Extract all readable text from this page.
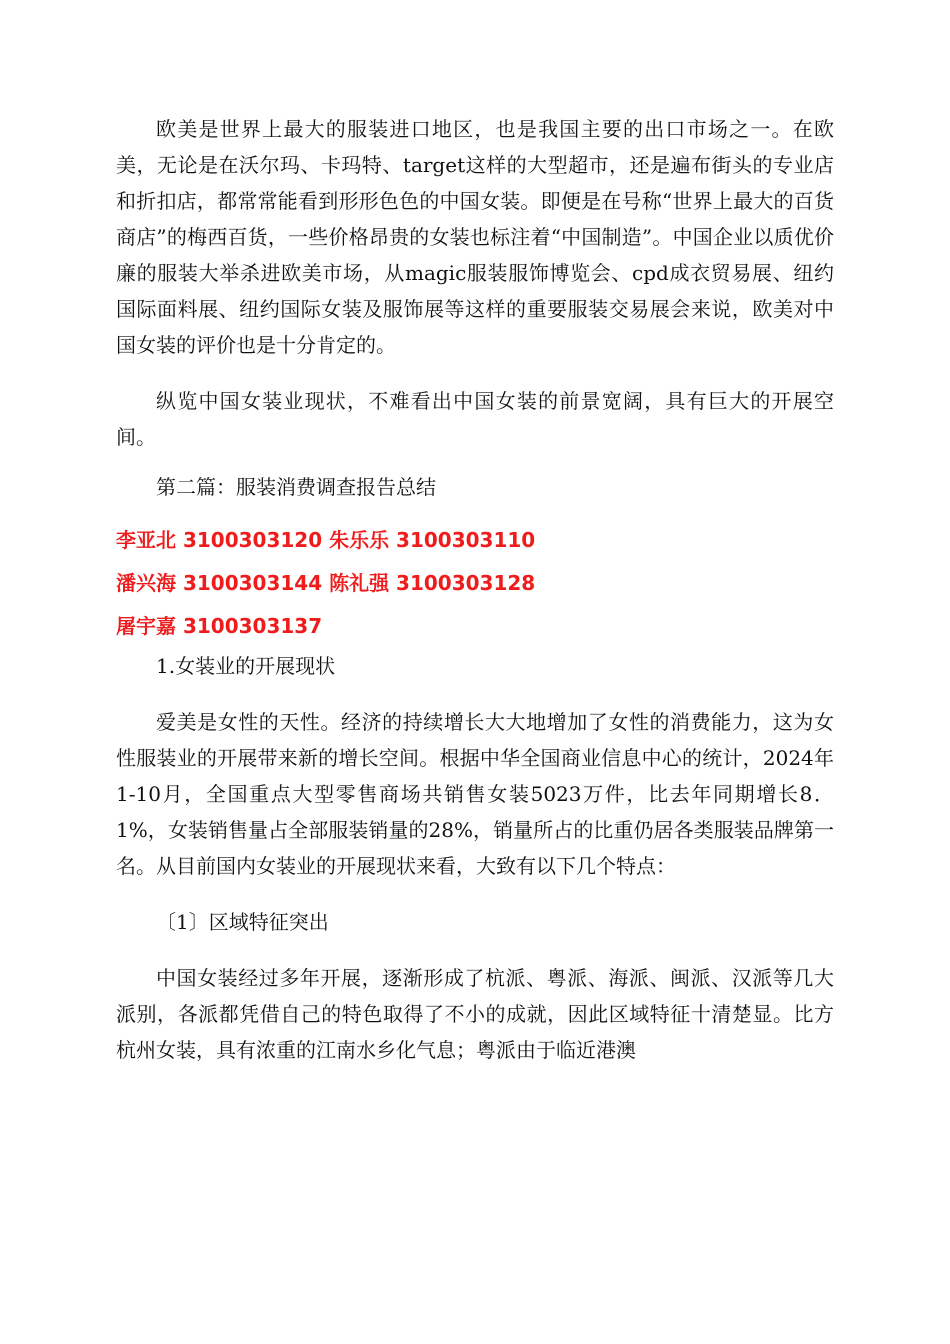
欧美是世界上最大的服装进口地区，也是我国主要的出口市场之一。在欧美，无论是在沃尔玛、卡玛特、target这样的大型超市，还是遍布街头的专业店和折扣店，都常常能看到形形色色的中国女装。即便是在号称“世界上最大的百货商店”的梅西百货，一些价格昂贵的女装也标注着“中国制造”。中国企业以质优价廉的服装大举杀进欧美市场，从magic服装服饰博览会、cpd成衣贸易展、纽约国际面料展、纽约国际女装及服饰展等这样的重要服装交易展会来说，欧美对中国女装的评价也是十分肯定的。

纵览中国女装业现状，不难看出中国女装的前景宽阔，具有巨大的开展空间。

第二篇：服装消费调查报告总结

李亚北 3100303120 朱乐乐 3100303110
潘兴海 3100303144 陈礼强 3100303128
屠宇嘉 3100303137

1.女装业的开展现状

爱美是女性的天性。经济的持续增长大大地增加了女性的消费能力，这为女性服装业的开展带来新的增长空间。根据中华全国商业信息中心的统计，2024年1-10月，全国重点大型零售商场共销售女装5023万件，比去年同期增长8．1%，女装销售量占全部服装销量的28%，销量所占的比重仍居各类服装品牌第一名。从目前国内女装业的开展现状来看，大致有以下几个特点：

〔1〕区域特征突出

中国女装经过多年开展，逐渐形成了杭派、粤派、海派、闽派、汉派等几大派别，各派都凭借自己的特色取得了不小的成就，因此区域特征十清楚显。比方杭州女装，具有浓重的江南水乡化气息；粤派由于临近港澳
